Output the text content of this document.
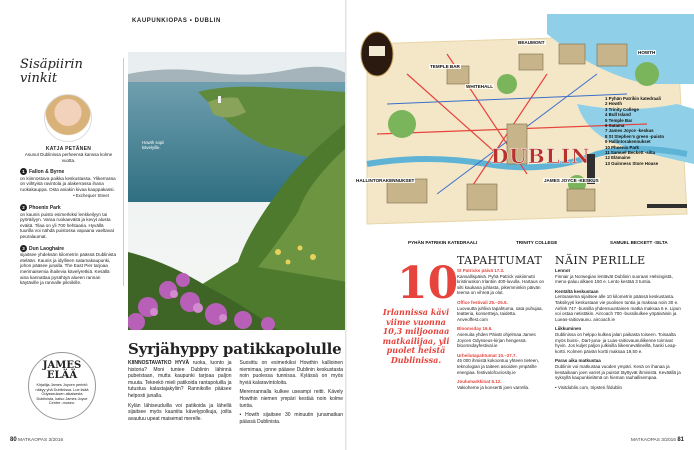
KAUPUNKIOPAS • DUBLIN
Sisäpiirin
vinkit
KATJA PETÄNEN
Asunut Dublinissa perheensä kanssa kolme vuotta.
1 Fallon & Byrne
on kiinnostava paikka keskustassa. Ylikerrassa on viihtyisä ravintola ja alakerrassa ihana ruokakauppa. Osta aniakin kivaa kauppakassi.
• Exchequer Street
2 Phoenix Park
on kaunis puisto esimerkiksi lenkkeilyyn tai pyöräilyyn. Varaa ruokaeväitä ja kevyt alusta eväitä. Tilaa on yli 700 hehtaaria. Hyvällä tuurilla voi nähdä puistossa vapaana vaeltavat peuralaumat.
3 Dun Laoghaire
sijaitsee yhdeksän kilometrin päässä Dublinista etelään. Kaunis ja idyllinen satamakaupunki, johon pääsee junalla. The East Pier tarjoaa merimaisemia ihailevia kävelyretkiä. Kesällä aina kannattaa pysähtyä alueen rannan käytäville ja rannalle piknikille.
JAMES
ELÄÄ
Kirjailija James Joycen perintö näkyy yhä Dublinissa. Lue lisää Odysseuksen aikaisesta Dublinista, katso James Joyce Centre -museo.
Howth sopii kävelyille.
Syrjähyppy patikkapolulle

KIINNOSTAVATKO HYVÄ ruoka, luonto ja historia? Moni tuntee Dublinin lähinnä pubeistaan, mutta kaupunki tarjoaa paljon muuta. Tekeekö mieli patikoida rantapoluilla ja tutustua kalastajakyliin? Rannikolle pääsee helposti junalla.

Kylän lähiseuduilla voi patikoida ja lähellä sijaitsee myös kauniita kävelypolkuja, joilta avautuu upeat maisemat merelle.

Suosittu on esimerkiksi Howthin kallioinen niemimaa, jonne pääsee Dublinin keskustasta noin puolessa tunnissa. Kylässä on myös hyviä kalaravintoloita.

Merenrannalla kulkee useampi reitti. Kävely Howthin niemen ympäri kestää noin kolme tuntia.

• Howth sijaitsee 30 minuutin junamatkan päässä Dublinista.

80 MATKAOPAS 3/2016
DUBLIN
TEMPLE BAR
BEAUMONT
HOWTH
WHITEHALL
HALLINTORAKENNUKSET	JAMES JOYCE -KESKUS
PYHÄN PATRIKIN KATEDRAALI	TRINITY COLLEGE	SAMUEL BECKETT -SILTA
1 Pyhän Patrikin katedraali
2 Howth
3 Trinity College
4 Bull Island
5 Temple Bar
6 Satama
7 James Joyce -keskus
8 St Stephen's green -puisto
9 Hallintorakennukset
10 Phoenix Park
11 Samuel Beckett -silta
12 Elämaine
13 Guinness Store House
10
Irlannissa kävi viime vuonna 10,3 miljoonaa matkailijaa, yli puolet heistä Dublinissa.
TAPAHTUMAT
St Patricks päivä 17.3.
Kansallispäivä. Pyhä Patrick vakiinnutti kristinuskon Irlantiin 400-luvulla. Hartaus on silti kaukana juhlasta, pikemminkin päivän teema on vihreä ja olut.
Office festivali 25.–25.5.
Luovuutta juhliva tapahtuma, sata puhujaa, teatteria, konsertteja, taidetta. Anveoffest.com
Bloomsday 16.6.
Asenuita yhden Päivät ohjelmaa James Joycen Odysseus-kirjan hengessä. bloomsdayfestival.ie
Urheilutapahtumat 10.–27.7.
45 000 ihmistä kokoontuu yhteen tieteen, teknologian ja taiteen asioiden ympärille energiaa. festivalofcuriosity.ie
Joulumarkkinat 5.12.
Vakioheme ja konsertti joen varrella.
NÄIN PERILLE
Lennot
Finnair ja Norwegian lentävät Dublinin suoraan Helsingistä, meno-paluu alkaen 150 e. Lento kestää 3 tuntia.
Kentältä keskustaan
Lentoasema sijaitsee alle 10 kilometrin päässä keskustasta. Taksikyyti keskustaan vie puolisen tuntia ja maksaa noin 30 e. Airlink 747 -bussilla yhdensuuntainen matka maksaa 6 e. Lipun voi ostaa netistäkin. Aircoach 700 -bussikulkee yöpäiväisin ja Lueas-raitiovaunu. aircoach.ie
Liikkuminen
Dublinissa on helppo kulkea jalan paikasta toiseen. Toisaalta myös bussi-, Dart-juna- ja Luas-raitiovaunuliikenne toimivat hyvin. Jos kuljet paljon julkisilla liikennevälineillä, hanki Leap-kortti. Kolmen päivän kortti maksaa 19,50 e.
Paras aika matkustaa
Dublinin voi matkustaa vuoden ympäri. Kesä on ihanaa ja kesäaikaan joen varret ja puistot täyttyvät ihmisistä. Keväällä ja syksyllä kaupunkielämä on hieman rauhallisempaa.
• Visitdublin.com, tripsteri.fi/dublin
MATKAOPAS 3/2016 81
